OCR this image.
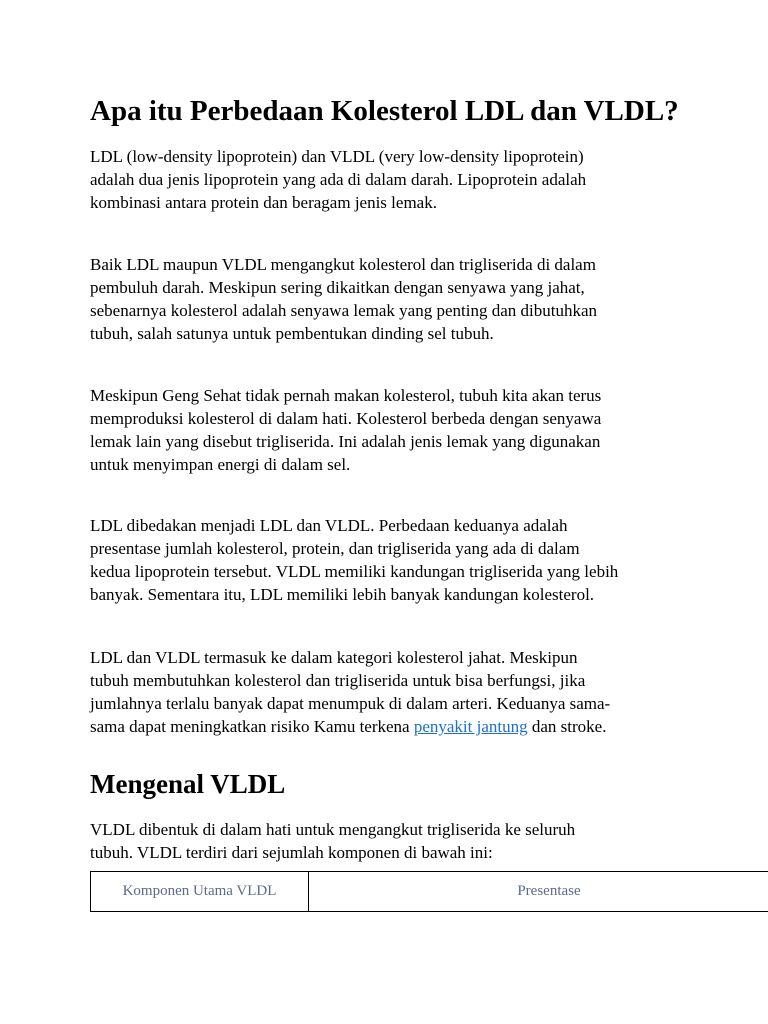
Apa itu Perbedaan Kolesterol LDL dan VLDL?

LDL (low-density lipoprotein) dan VLDL (very low-density lipoprotein)
adalah dua jenis lipoprotein yang ada di dalam darah. Lipoprotein adalah
kombinasi antara protein dan beragam jenis lemak.

Baik LDL maupun VLDL mengangkut kolesterol dan trigliserida di dalam
pembuluh darah. Meskipun sering dikaitkan dengan senyawa yang jahat,
sebenarnya kolesterol adalah senyawa lemak yang penting dan dibutuhkan
tubuh, salah satunya untuk pembentukan dinding sel tubuh.

Meskipun Geng Sehat tidak pernah makan kolesterol, tubuh kita akan terus
memproduksi kolesterol di dalam hati. Kolesterol berbeda dengan senyawa
lemak lain yang disebut trigliserida. Ini adalah jenis lemak yang digunakan
untuk menyimpan energi di dalam sel.

LDL dibedakan menjadi LDL dan VLDL. Perbedaan keduanya adalah
presentase jumlah kolesterol, protein, dan trigliserida yang ada di dalam
kedua lipoprotein tersebut. VLDL memiliki kandungan trigliserida yang lebih
banyak. Sementara itu, LDL memiliki lebih banyak kandungan kolesterol.

LDL dan VLDL termasuk ke dalam kategori kolesterol jahat. Meskipun
tubuh membutuhkan kolesterol dan trigliserida untuk bisa berfungsi, jika
jumlahnya terlalu banyak dapat menumpuk di dalam arteri. Keduanya sama-
sama dapat meningkatkan risiko Kamu terkena penyakit jantung dan stroke.

Mengenal VLDL

VLDL dibentuk di dalam hati untuk mengangkut trigliserida ke seluruh
tubuh. VLDL terdiri dari sejumlah komponen di bawah ini:

Komponen Utama VLDL	Presentase
